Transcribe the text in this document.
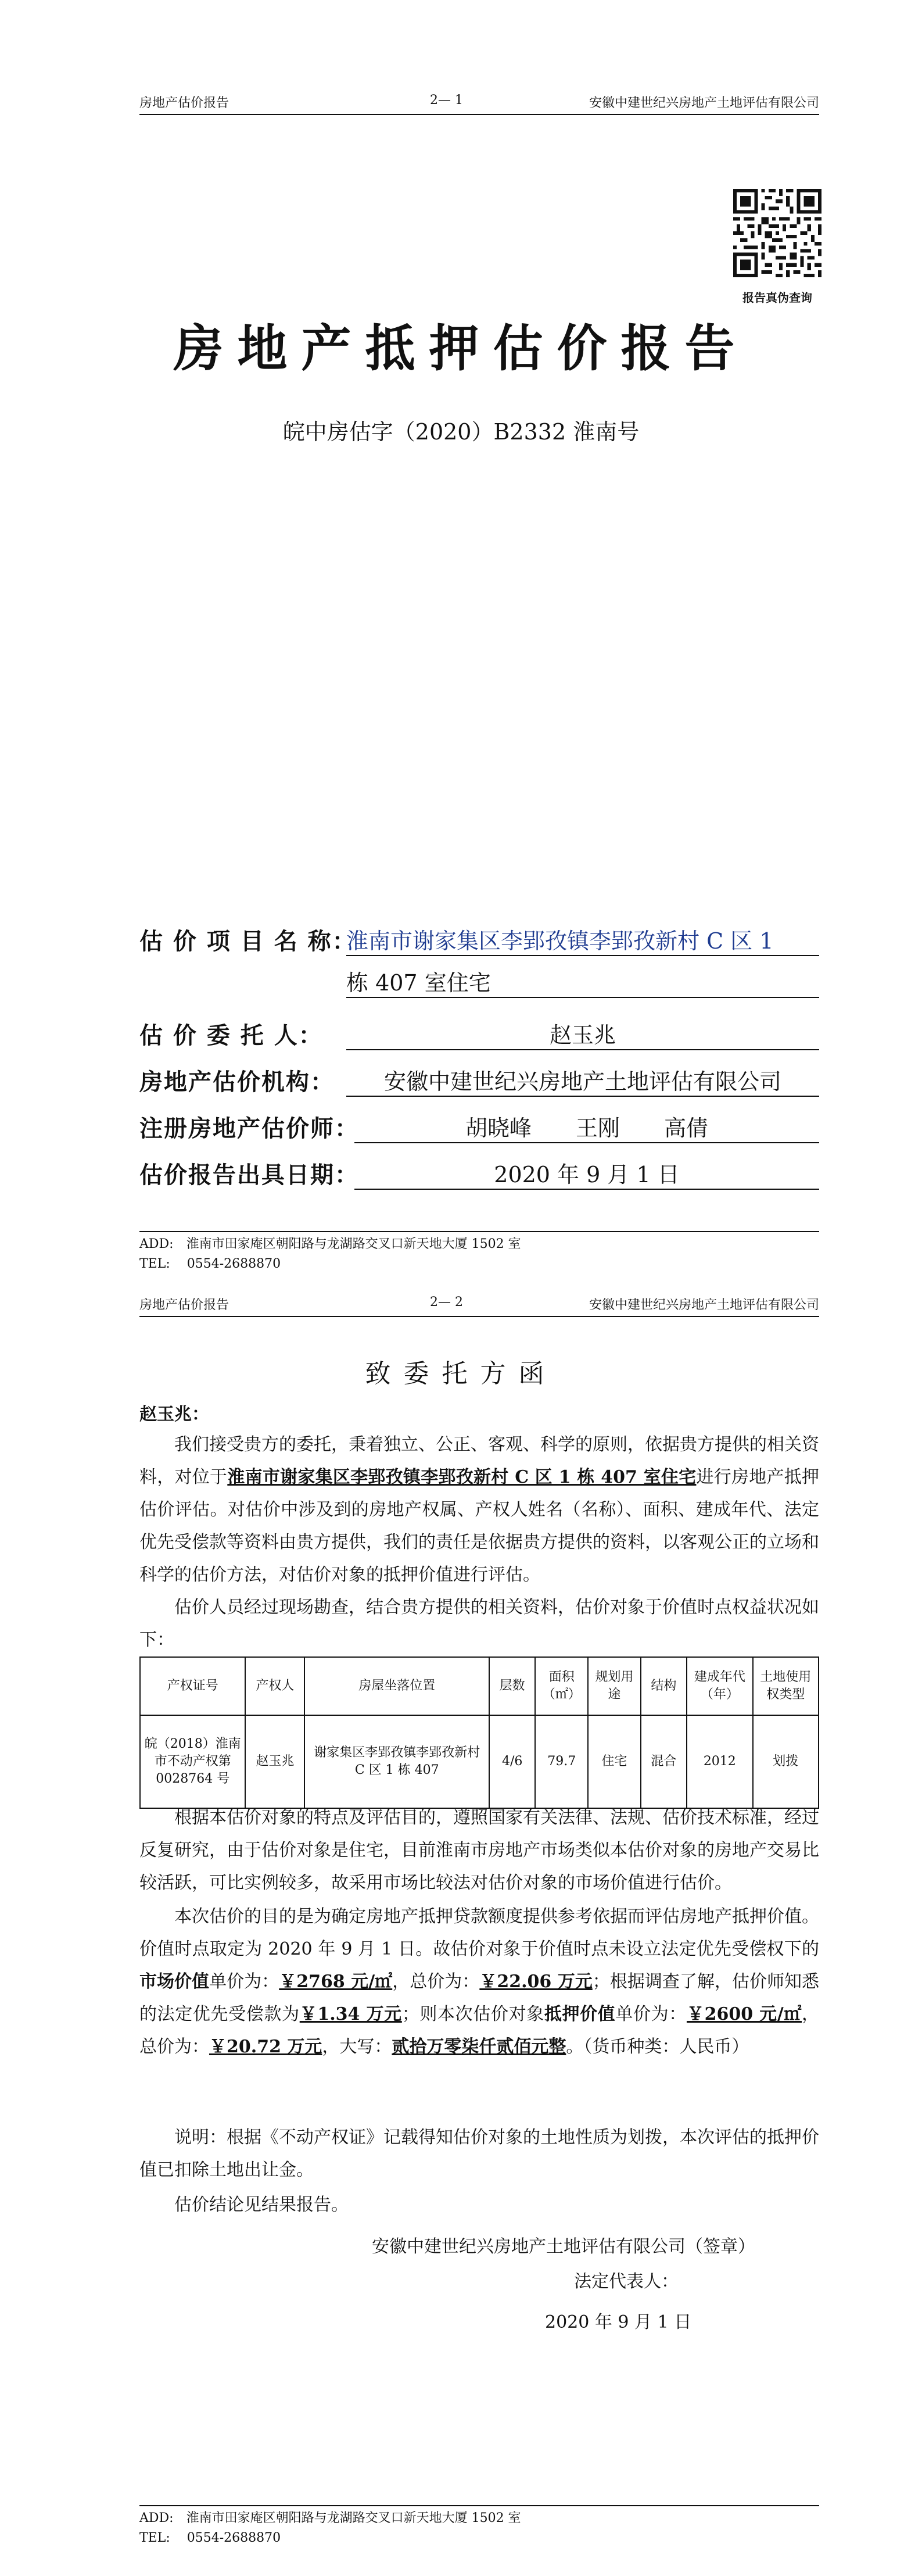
房地产估价报告	2— 1	安徽中建世纪兴房地产土地评估有限公司
报告真伪查询
房地产抵押估价报告
皖中房估字（2020）B2332 淮南号
估 价 项 目 名 称：
淮南市谢家集区李郢孜镇李郢孜新村 C 区 1
栋 407 室住宅
估 价 委 托 人：	赵玉兆
房地产估价机构：	安徽中建世纪兴房地产土地评估有限公司
注册房地产估价师：	胡晓峰　　王刚　　高倩
估价报告出具日期：	2020 年 9 月 1 日
ADD:　淮南市田家庵区朝阳路与龙湖路交叉口新天地大厦 1502 室
TEL:　 0554-2688870
房地产估价报告	2— 2	安徽中建世纪兴房地产土地评估有限公司
致委托方函
赵玉兆：
我们接受贵方的委托，秉着独立、公正、客观、科学的原则，依据贵方提供的相关资料，对位于淮南市谢家集区李郢孜镇李郢孜新村 C 区 1 栋 407 室住宅进行房地产抵押估价评估。对估价中涉及到的房地产权属、产权人姓名（名称）、面积、建成年代、法定优先受偿款等资料由贵方提供，我们的责任是依据贵方提供的资料，以客观公正的立场和科学的估价方法，对估价对象的抵押价值进行评估。
估价人员经过现场勘查，结合贵方提供的相关资料，估价对象于价值时点权益状况如下：
产权证号	产权人	房屋坐落位置	层数	面积（㎡）	规划用途	结构	建成年代（年）	土地使用权类型
皖（2018）淮南市不动产权第 0028764 号	赵玉兆	谢家集区李郢孜镇李郢孜新村 C 区 1 栋 407	4/6	79.7	住宅	混合	2012	划拨
根据本估价对象的特点及评估目的，遵照国家有关法律、法规、估价技术标准，经过反复研究，由于估价对象是住宅，目前淮南市房地产市场类似本估价对象的房地产交易比较活跃，可比实例较多，故采用市场比较法对估价对象的市场价值进行估价。
本次估价的目的是为确定房地产抵押贷款额度提供参考依据而评估房地产抵押价值。价值时点取定为 2020 年 9 月 1 日。故估价对象于价值时点未设立法定优先受偿权下的市场价值单价为：￥2768 元/㎡，总价为：￥22.06 万元；根据调查了解，估价师知悉的法定优先受偿款为￥1.34 万元；则本次估价对象抵押价值单价为：￥2600 元/㎡，总价为：￥20.72 万元，大写：贰拾万零柒仟贰佰元整。（货币种类：人民币）
说明：根据《不动产权证》记载得知估价对象的土地性质为划拨，本次评估的抵押价值已扣除土地出让金。
估价结论见结果报告。
安徽中建世纪兴房地产土地评估有限公司（签章）
法定代表人：
2020 年 9 月 1 日
ADD:　淮南市田家庵区朝阳路与龙湖路交叉口新天地大厦 1502 室
TEL:　 0554-2688870
